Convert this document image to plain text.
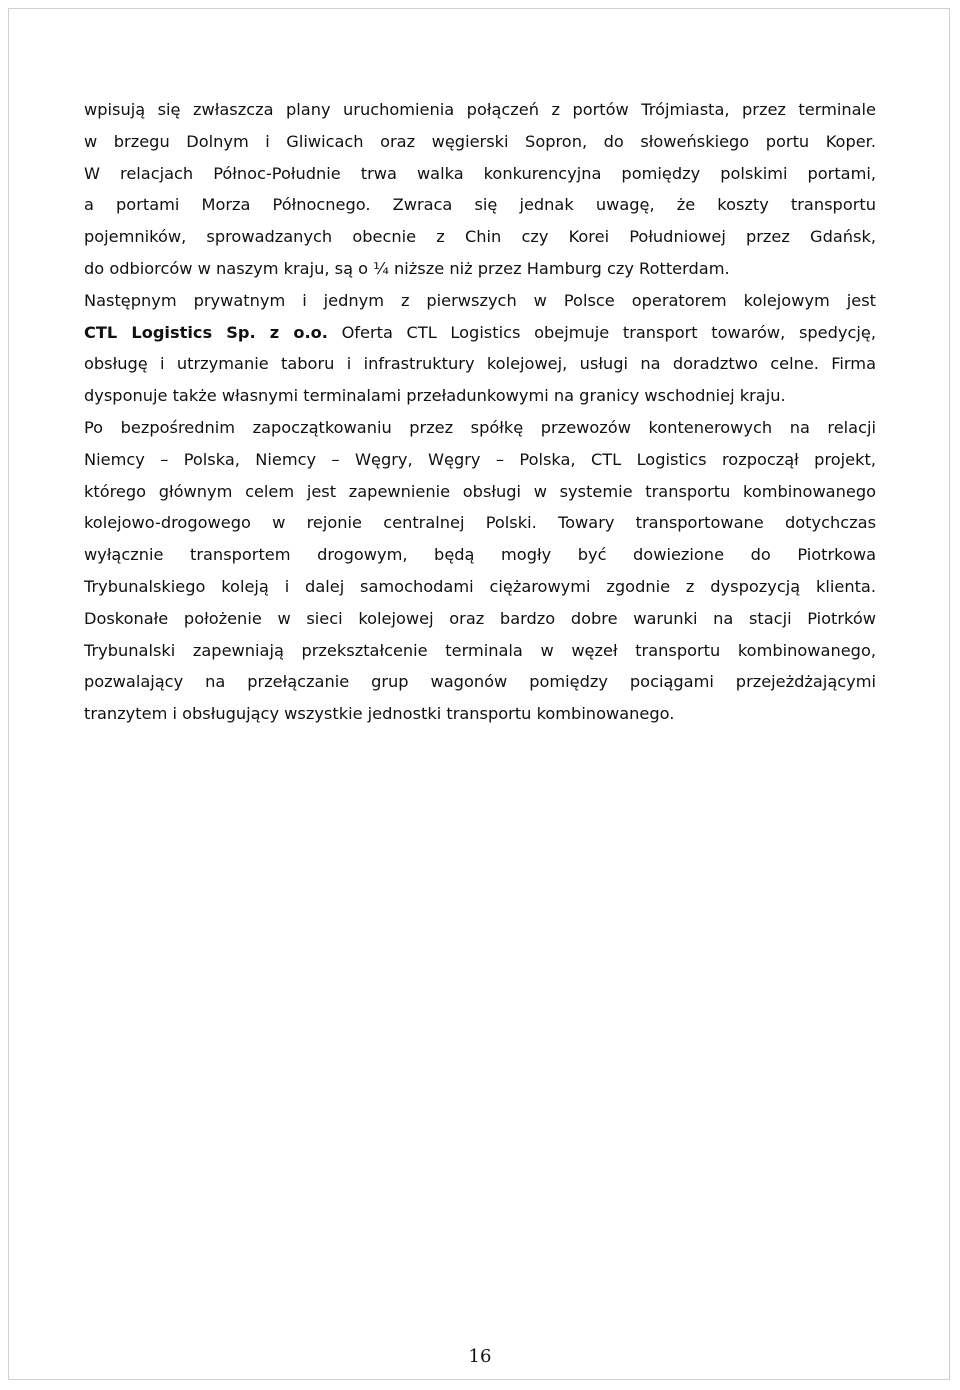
wpisują się zwłaszcza plany uruchomienia połączeń z portów Trójmiasta, przez terminale
w brzegu Dolnym i Gliwicach oraz węgierski Sopron, do słoweńskiego portu Koper.
W relacjach Północ-Południe trwa walka konkurencyjna pomiędzy polskimi portami,
a portami Morza Północnego. Zwraca się jednak uwagę, że koszty transportu
pojemników, sprowadzanych obecnie z Chin czy Korei Południowej przez Gdańsk,
do odbiorców w naszym kraju, są o ¼ niższe niż przez Hamburg czy Rotterdam.
Następnym prywatnym i jednym z pierwszych w Polsce operatorem kolejowym jest
CTL Logistics Sp. z o.o. Oferta CTL Logistics obejmuje transport towarów, spedycję,
obsługę i utrzymanie taboru i infrastruktury kolejowej, usługi na doradztwo celne. Firma
dysponuje także własnymi terminalami przeładunkowymi na granicy wschodniej kraju.
Po bezpośrednim zapoczątkowaniu przez spółkę przewozów kontenerowych na relacji
Niemcy – Polska, Niemcy – Węgry, Węgry – Polska, CTL Logistics rozpoczął projekt,
którego głównym celem jest zapewnienie obsługi w systemie transportu kombinowanego
kolejowo-drogowego w rejonie centralnej Polski. Towary transportowane dotychczas
wyłącznie transportem drogowym, będą mogły być dowiezione do Piotrkowa
Trybunalskiego koleją i dalej samochodami ciężarowymi zgodnie z dyspozycją klienta.
Doskonałe położenie w sieci kolejowej oraz bardzo dobre warunki na stacji Piotrków
Trybunalski zapewniają przekształcenie terminala w węzeł transportu kombinowanego,
pozwalający na przełączanie grup wagonów pomiędzy pociągami przejeżdżającymi
tranzytem i obsługujący wszystkie jednostki transportu kombinowanego.
16
